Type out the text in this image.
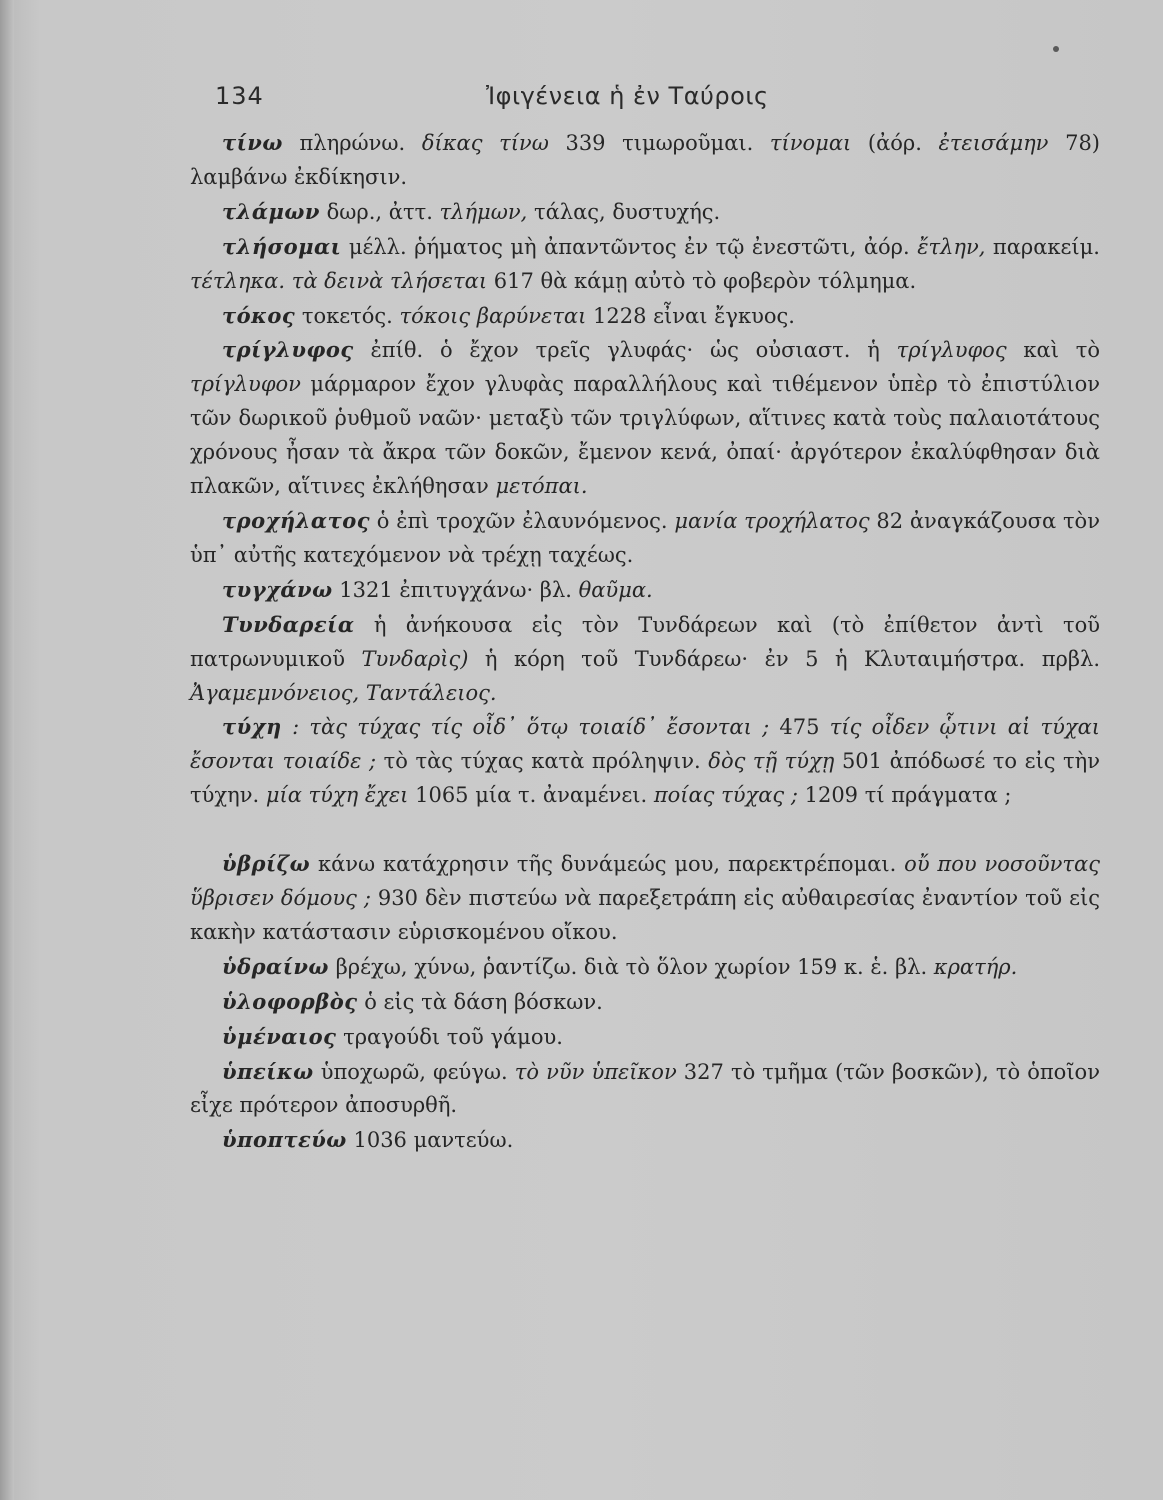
134	Ἰφιγένεια ἡ ἐν Ταύροις

τίνω πληρώνω. δίκας τίνω 339 τιμωροῦμαι. τίνομαι (ἀόρ. ἐτεισάμην 78) λαμβάνω ἐκδίκησιν.

τλάμων δωρ., ἀττ. τλήμων, τάλας, δυστυχής.

τλήσομαι μέλλ. ῥήματος μὴ ἀπαντῶντος ἐν τῷ ἐνεστῶτι, ἀόρ. ἔτλην, παρακείμ. τέτληκα. τὰ δεινὰ τλήσεται 617 θὰ κάμῃ αὐτὸ τὸ φοβερὸν τόλμημα.

τόκος τοκετός. τόκοις βαρύνεται 1228 εἶναι ἔγκυος.

τρίγλυφος ἐπίθ. ὁ ἔχον τρεῖς γλυφάς· ὡς οὐσιαστ. ἡ τρίγλυφος καὶ τὸ τρίγλυφον μάρμαρον ἔχον γλυφὰς παραλλήλους καὶ τιθέμενον ὑπὲρ τὸ ἐπιστύλιον τῶν δωρικοῦ ῥυθμοῦ ναῶν· μεταξὺ τῶν τριγλύφων, αἵτινες κατὰ τοὺς παλαιοτάτους χρόνους ἦσαν τὰ ἄκρα τῶν δοκῶν, ἔμενον κενά, ὀπαί· ἀργότερον ἐκαλύφθησαν διὰ πλακῶν, αἵτινες ἐκλήθησαν μετόπαι.

τροχήλατος ὁ ἐπὶ τροχῶν ἐλαυνόμενος. μανία τροχήλατος 82 ἀναγκάζουσα τὸν ὑπ᾽ αὐτῆς κατεχόμενον νὰ τρέχῃ ταχέως.

τυγχάνω 1321 ἐπιτυγχάνω· βλ. θαῦμα.

Τυνδαρεία ἡ ἀνήκουσα εἰς τὸν Τυνδάρεων καὶ (τὸ ἐπίθετον ἀντὶ τοῦ πατρωνυμικοῦ Τυνδαρὶς) ἡ κόρη τοῦ Τυνδάρεω· ἐν 5 ἡ Κλυταιμήστρα. πρβλ. Ἀγαμεμνόνειος, Ταντάλειος.

τύχη : τὰς τύχας τίς οἶδ᾽ ὅτῳ τοιαίδ᾽ ἔσονται ; 475 τίς οἶδεν ᾧτινι αἱ τύχαι ἔσονται τοιαίδε ; τὸ τὰς τύχας κατὰ πρόληψιν. δὸς τῇ τύχῃ 501 ἀπόδωσέ το εἰς τὴν τύχην. μία τύχη ἔχει 1065 μία τ. ἀναμένει. ποίας τύχας ; 1209 τί πράγματα ;

ὑβρίζω κάνω κατάχρησιν τῆς δυνάμεώς μου, παρεκτρέπομαι. οὔ που νοσοῦντας ὕβρισεν δόμους ; 930 δὲν πιστεύω νὰ παρεξετράπη εἰς αὐθαιρεσίας ἐναντίον τοῦ εἰς κακὴν κατάστασιν εὑρισκομένου οἴκου.

ὑδραίνω βρέχω, χύνω, ῥαντίζω. διὰ τὸ ὅλον χωρίον 159 κ. ἑ. βλ. κρατήρ.

ὑλοφορβὸς ὁ εἰς τὰ δάση βόσκων.

ὑμέναιος τραγούδι τοῦ γάμου.

ὑπείκω ὑποχωρῶ, φεύγω. τὸ νῦν ὑπεῖκον 327 τὸ τμῆμα (τῶν βοσκῶν), τὸ ὁποῖον εἶχε πρότερον ἀποσυρθῆ.

ὑποπτεύω 1036 μαντεύω.
